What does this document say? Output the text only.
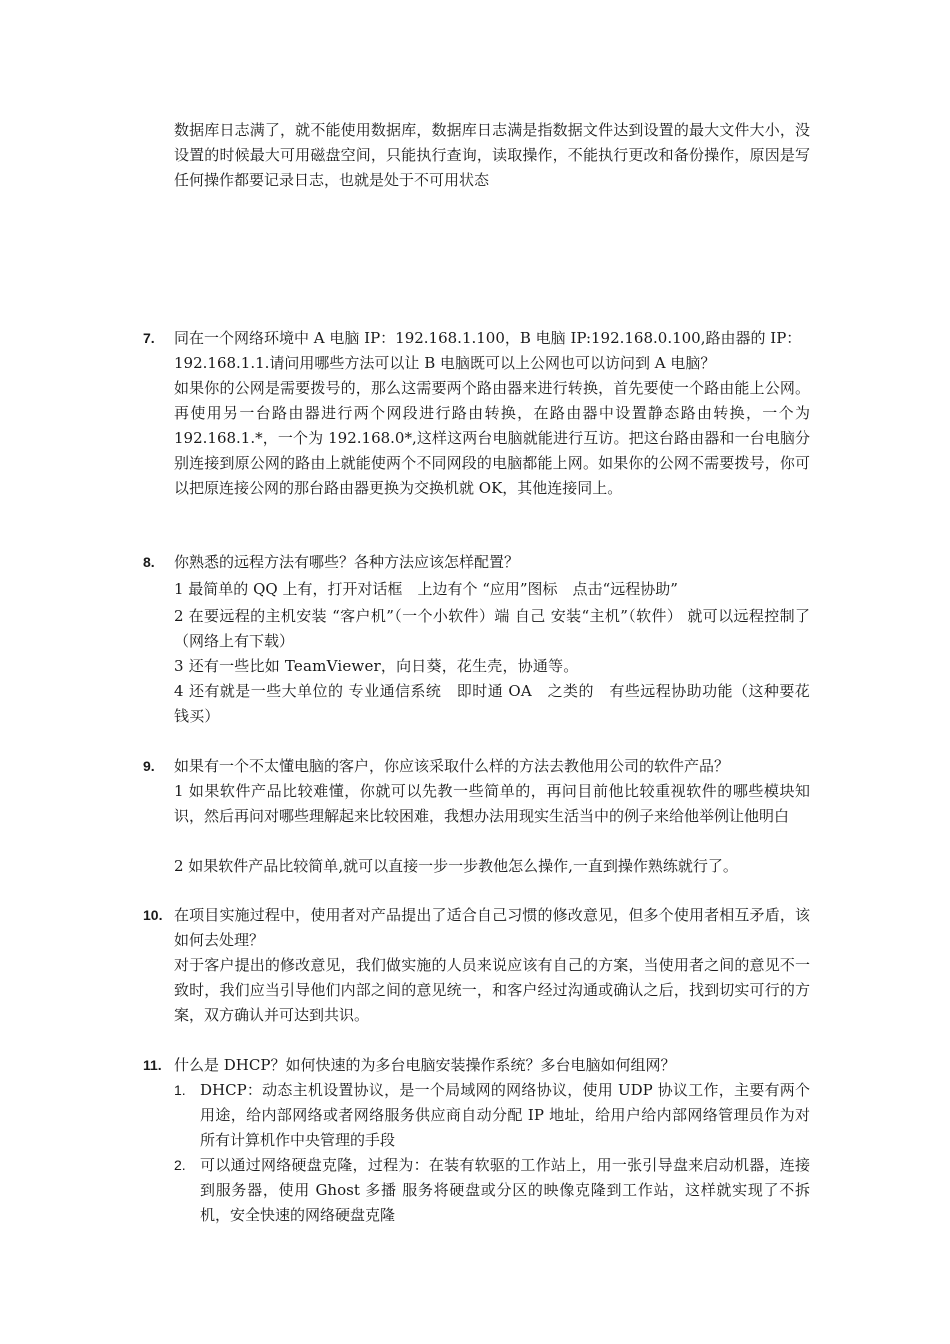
数据库日志满了，就不能使用数据库，数据库日志满是指数据文件达到设置的最大文件大小，没设置的时候最大可用磁盘空间，只能执行查询，读取操作，不能执行更改和备份操作，原因是写任何操作都要记录日志，也就是处于不可用状态

7. 同在一个网络环境中 A 电脑 IP：192.168.1.100，B 电脑 IP:192.168.0.100,路由器的 IP：
192.168.1.1.请问用哪些方法可以让 B 电脑既可以上公网也可以访问到 A 电脑？

如果你的公网是需要拨号的，那么这需要两个路由器来进行转换，首先要使一个路由能上公网。再使用另一台路由器进行两个网段进行路由转换，在路由器中设置静态路由转换，一个为 192.168.1.*，一个为 192.168.0*,这样这两台电脑就能进行互访。把这台路由器和一台电脑分别连接到原公网的路由上就能使两个不同网段的电脑都能上网。如果你的公网不需要拨号，你可以把原连接公网的那台路由器更换为交换机就 OK，其他连接同上。

8. 你熟悉的远程方法有哪些？各种方法应该怎样配置？

1 最简单的 QQ 上有，打开对话框　上边有个 “应用”图标　点击“远程协助”

2 在要远程的主机安装 “客户机”（一个小软件）端 自己 安装“主机”（软件） 就可以远程控制了　（网络上有下载）

3 还有一些比如 TeamViewer，向日葵，花生壳，协通等。

4 还有就是一些大单位的 专业通信系统　即时通 OA　之类的　有些远程协助功能（这种要花钱买）

9. 如果有一个不太懂电脑的客户，你应该采取什么样的方法去教他用公司的软件产品？

1 如果软件产品比较难懂，你就可以先教一些简单的，再问目前他比较重视软件的哪些模块知识，然后再问对哪些理解起来比较困难，我想办法用现实生活当中的例子来给他举例让他明白

2 如果软件产品比较简单,就可以直接一步一步教他怎么操作,一直到操作熟练就行了。

10. 在项目实施过程中，使用者对产品提出了适合自己习惯的修改意见，但多个使用者相互矛盾，该如何去处理？

对于客户提出的修改意见，我们做实施的人员来说应该有自己的方案，当使用者之间的意见不一致时，我们应当引导他们内部之间的意见统一，和客户经过沟通或确认之后，找到切实可行的方案，双方确认并可达到共识。

11. 什么是 DHCP？如何快速的为多台电脑安装操作系统？多台电脑如何组网？

1. DHCP：动态主机设置协议，是一个局域网的网络协议，使用 UDP 协议工作，主要有两个用途，给内部网络或者网络服务供应商自动分配 IP 地址，给用户给内部网络管理员作为对所有计算机作中央管理的手段

2. 可以通过网络硬盘克隆，过程为：在装有软驱的工作站上，用一张引导盘来启动机器，连接到服务器，使用 Ghost 多播 服务将硬盘或分区的映像克隆到工作站，这样就实现了不拆机，安全快速的网络硬盘克隆
